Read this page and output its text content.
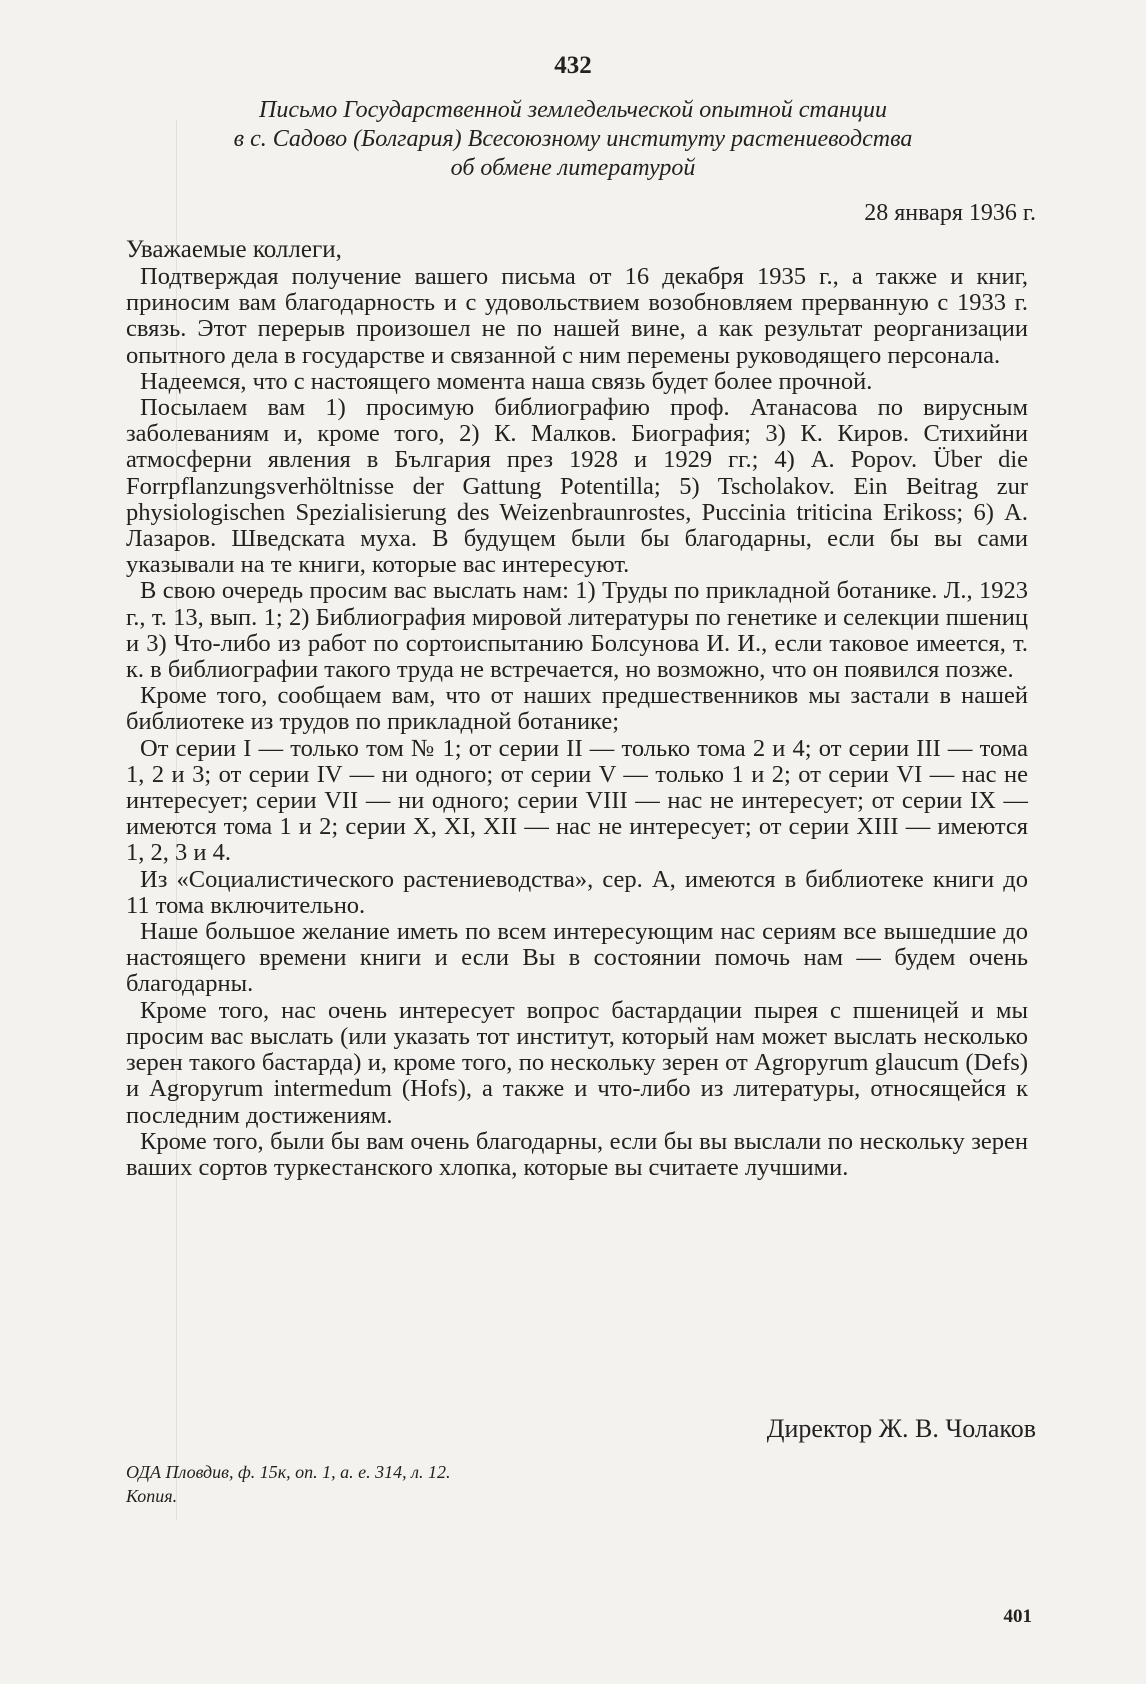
432
Письмо Государственной земледельческой опытной станции
в с. Садово (Болгария) Всесоюзному институту растениеводства
об обмене литературой
28 января 1936 г.
Уважаемые коллеги,

Подтверждая получение вашего письма от 16 декабря 1935 г., а также и книг, приносим вам благодарность и с удовольствием возобновляем прерванную с 1933 г. связь. Этот перерыв произошел не по нашей вине, а как результат реорганизации опытного дела в государстве и связанной с ним перемены руководящего персонала.

Надеемся, что с настоящего момента наша связь будет более прочной.

Посылаем вам 1) просимую библиографию проф. Атанасова по вирусным заболеваниям и, кроме того, 2) К. Малков. Биография; 3) К. Киров. Стихийни атмосферни явления в България през 1928 и 1929 гг.; 4) А. Ророv. Über die Forrpflanzungsverhöltnisse der Gattung Potentilla; 5) Tscholakov. Ein Beitrag zur physiologischen Spezialisierung des Weizenbraunrostes, Puccinia triticina Erikoss; 6) А. Лазаров. Шведската муха. В будущем были бы благодарны, если бы вы сами указывали на те книги, которые вас интересуют.

В свою очередь просим вас выслать нам: 1) Труды по прикладной ботанике. Л., 1923 г., т. 13, вып. 1; 2) Библиография мировой литературы по генетике и селекции пшениц и 3) Что-либо из работ по сортоиспытанию Болсунова И. И., если таковое имеется, т. к. в библиографии такого труда не встречается, но возможно, что он появился позже.

Кроме того, сообщаем вам, что от наших предшественников мы застали в нашей библиотеке из трудов по прикладной ботанике;

От серии I — только том № 1; от серии II — только тома 2 и 4; от серии III — тома 1, 2 и 3; от серии IV — ни одного; от серии V — только 1 и 2; от серии VI — нас не интересует; серии VII — ни одного; серии VIII — нас не интересует; от серии IX — имеются тома 1 и 2; серии X, XI, XII — нас не интересует; от серии XIII — имеются 1, 2, 3 и 4.

Из «Социалистического растениеводства», сер. А, имеются в библиотеке книги до 11 тома включительно.

Наше большое желание иметь по всем интересующим нас сериям все вышедшие до настоящего времени книги и если Вы в состоянии помочь нам — будем очень благодарны.

Кроме того, нас очень интересует вопрос бастардации пырея с пшеницей и мы просим вас выслать (или указать тот институт, который нам может выслать несколько зерен такого бастарда) и, кроме того, по нескольку зерен от Agropyrum glaucum (Defs) и Agropyrum intermedum (Hofs), а также и что-либо из литературы, относящейся к последним достижениям.

Кроме того, были бы вам очень благодарны, если бы вы выслали по нескольку зерен ваших сортов туркестанского хлопка, которые вы считаете лучшими.

Директор Ж. В. Чолаков
ОДА Пловдив, ф. 15к, оп. 1, а. е. 314, л. 12.
Копия.
401
